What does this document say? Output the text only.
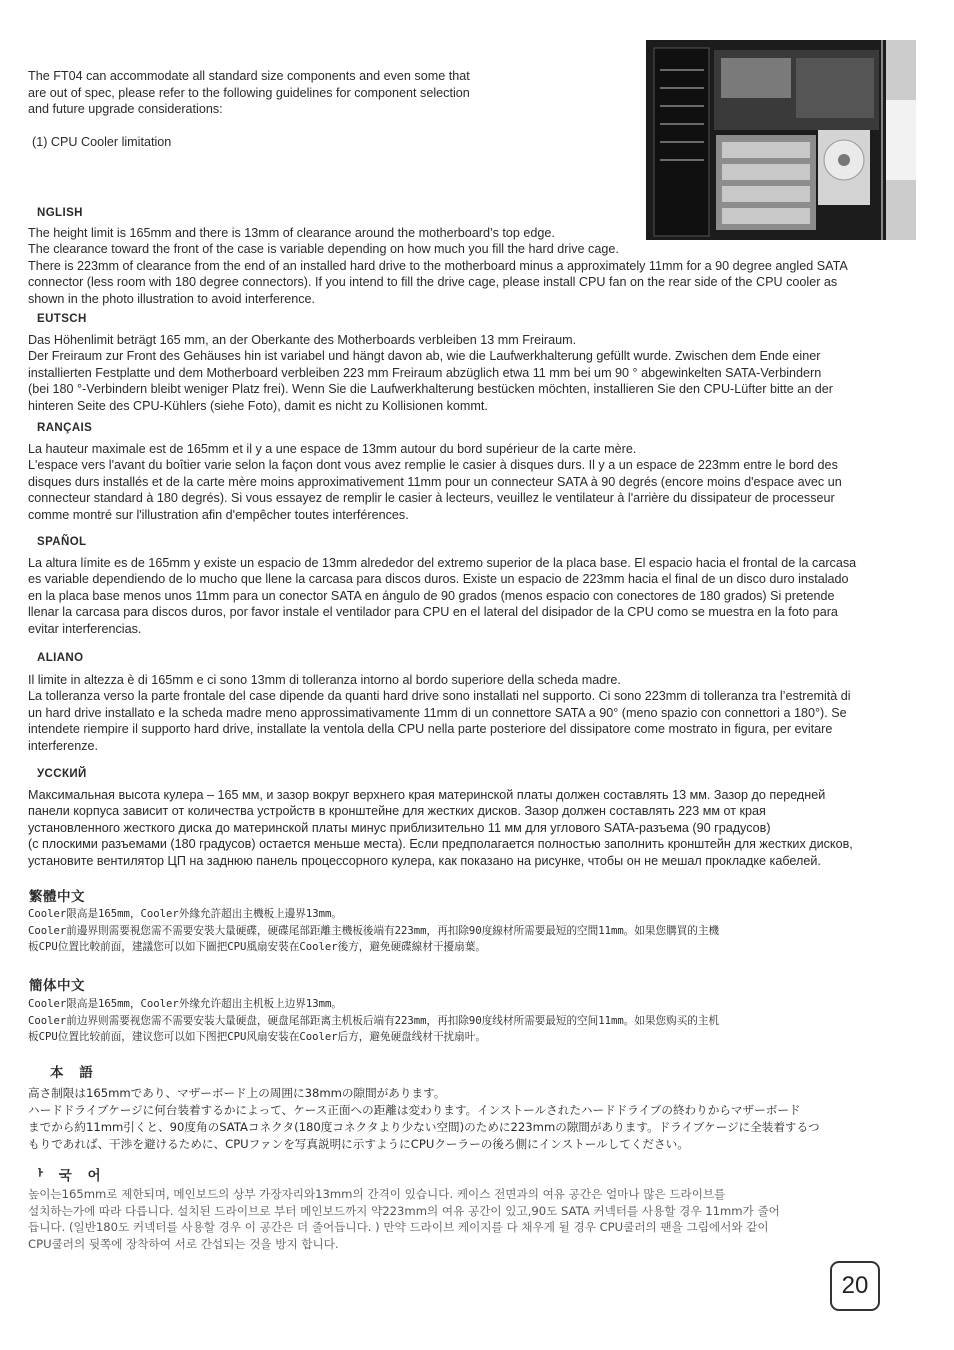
The FT04 can accommodate all standard size components and even some that

are out of spec, please refer to the following guidelines for component selection

and future upgrade considerations:

(1) CPU Cooler limitation
NGLISH

The height limit is 165mm and there is 13mm of clearance around the motherboard’s top edge.

The clearance toward the front of the case is variable depending on how much you fill the hard drive cage.

There is 223mm of clearance from the end of an installed hard drive to the motherboard minus a approximately 11mm for a 90 degree angled SATA

connector (less room with 180 degree connectors). If you intend to fill the drive cage, please install CPU fan on the rear side of the CPU cooler as

shown in the photo illustration to avoid interference.

EUTSCH

Das Höhenlimit beträgt 165 mm, an der Oberkante des Motherboards verbleiben 13 mm Freiraum.

Der Freiraum zur Front des Gehäuses hin ist variabel und hängt davon ab, wie die Laufwerkhalterung gefüllt wurde. Zwischen dem Ende einer

installierten Festplatte und dem Motherboard verbleiben 223 mm Freiraum abzüglich etwa 11 mm bei um 90 ° abgewinkelten SATA-Verbindern

(bei 180 °-Verbindern bleibt weniger Platz frei). Wenn Sie die Laufwerkhalterung bestücken möchten, installieren Sie den CPU-Lüfter bitte an der

hinteren Seite des CPU-Kühlers (siehe Foto), damit es nicht zu Kollisionen kommt.

RANÇAIS

La hauteur maximale est de 165mm et il y a une espace de 13mm autour du bord supérieur de la carte mère.

L'espace vers l'avant du boîtier varie selon la façon dont vous avez remplie le casier à disques durs. Il y a un espace de 223mm entre le bord des

disques durs installés et de la carte mère moins approximativement 11mm pour un connecteur SATA à 90 degrés (encore moins d'espace avec un

connecteur standard à 180 degrés). Si vous essayez de remplir le casier à lecteurs, veuillez le ventilateur à l'arrière du dissipateur de processeur

comme montré sur l'illustration afin d'empêcher toutes interférences.

SPAÑOL

La altura límite es de 165mm y existe un espacio de 13mm alrededor del extremo superior de la placa base. El espacio hacia el frontal de la carcasa

es variable dependiendo de lo mucho que llene la carcasa para discos duros. Existe un espacio de 223mm hacia el final de un disco duro instalado

en la placa base menos unos 11mm para un conector SATA en ángulo de 90 grados (menos espacio con conectores de 180 grados) Si pretende

llenar la carcasa para discos duros, por favor instale el ventilador para CPU en el lateral del disipador de la CPU como se muestra en la foto para

evitar interferencias.

ALIANO

Il limite in altezza è di 165mm e ci sono 13mm di tolleranza intorno al bordo superiore della scheda madre.

La tolleranza verso la parte frontale del case dipende da quanti hard drive sono installati nel supporto. Ci sono 223mm di tolleranza tra l’estremità di

un hard drive installato e la scheda madre meno approssimativamente 11mm di un connettore SATA a 90° (meno spazio con connettori a 180°). Se

intendete riempire il supporto hard drive, installate la ventola della CPU nella parte posteriore del dissipatore come mostrato in figura, per evitare

interferenze.

УССКИЙ

Максимальная высота кулера – 165 мм, и зазор вокруг верхнего края материнской платы должен составлять 13 мм. Зазор до передней

панели корпуса зависит от количества устройств в кронштейне для жестких дисков. Зазор должен составлять 223 мм от края

установленного жесткого диска до материнской платы минус приблизительно 11 мм для углового SATA-разъема (90 градусов)

(с плоскими разъемами (180 градусов) остается меньше места). Если предполагается полностью заполнить кронштейн для жестких дисков,

установите вентилятор ЦП на заднюю панель процессорного кулера, как показано на рисунке, чтобы он не мешал прокладке кабелей.

繁體中文

Cooler限高是165mm，Cooler外緣允許超出主機板上邊界13mm。

Cooler前邊界則需要視您需不需要安裝大量硬碟，硬碟尾部距離主機板後端有223mm，再扣除90度線材所需要最短的空間11mm。如果您購買的主機

板CPU位置比較前面，建議您可以如下圖把CPU風扇安裝在Cooler後方，避免硬碟線材干擾扇葉。

簡体中文

Cooler限高是165mm，Cooler外缘允许超出主机板上边界13mm。

Cooler前边界则需要视您需不需要安装大量硬盘，硬盘尾部距离主机板后端有223mm，再扣除90度线材所需要最短的空间11mm。如果您购买的主机

板CPU位置比较前面，建议您可以如下图把CPU风扇安装在Cooler后方，避免硬盘线材干扰扇叶。

本 語

高さ制限は165mmであり、マザーボード上の周囲に38mmの隙間があります。

ハードドライブケージに何台装着するかによって、ケース正面への距離は変わります。インストールされたハードドライブの終わりからマザーボード

までから約11mm引くと、90度角のSATAコネクタ(180度コネクタより少ない空間)のために223mmの隙間があります。ドライブケージに全装着するつ

もりであれば、干渉を避けるために、CPUファンを写真説明に示すようにCPUクーラーの後ろ側にインストールしてください。

ᅡ 국 어

높이는165mm로 제한되며, 메인보드의 상부 가장자리와13mm의 간격이 있습니다. 케이스 전면과의 여유 공간은 얼마나 많은 드라이브를

설치하는가에 따라 다릅니다. 설치된 드라이브로 부터 메인보드까지 약223mm의 여유 공간이 있고,90도 SATA 커넥터를 사용할 경우 11mm가 줄어

듭니다. (일반180도 커넥터를 사용할 경우 이 공간은 더 줄어듭니다. ) 만약 드라이브 케이지를 다 채우게 될 경우 CPU쿨러의 팬을 그림에서와 같이

CPU쿨러의 뒷쪽에 장착하여 서로 간섭되는 것을 방지 합니다.

20
